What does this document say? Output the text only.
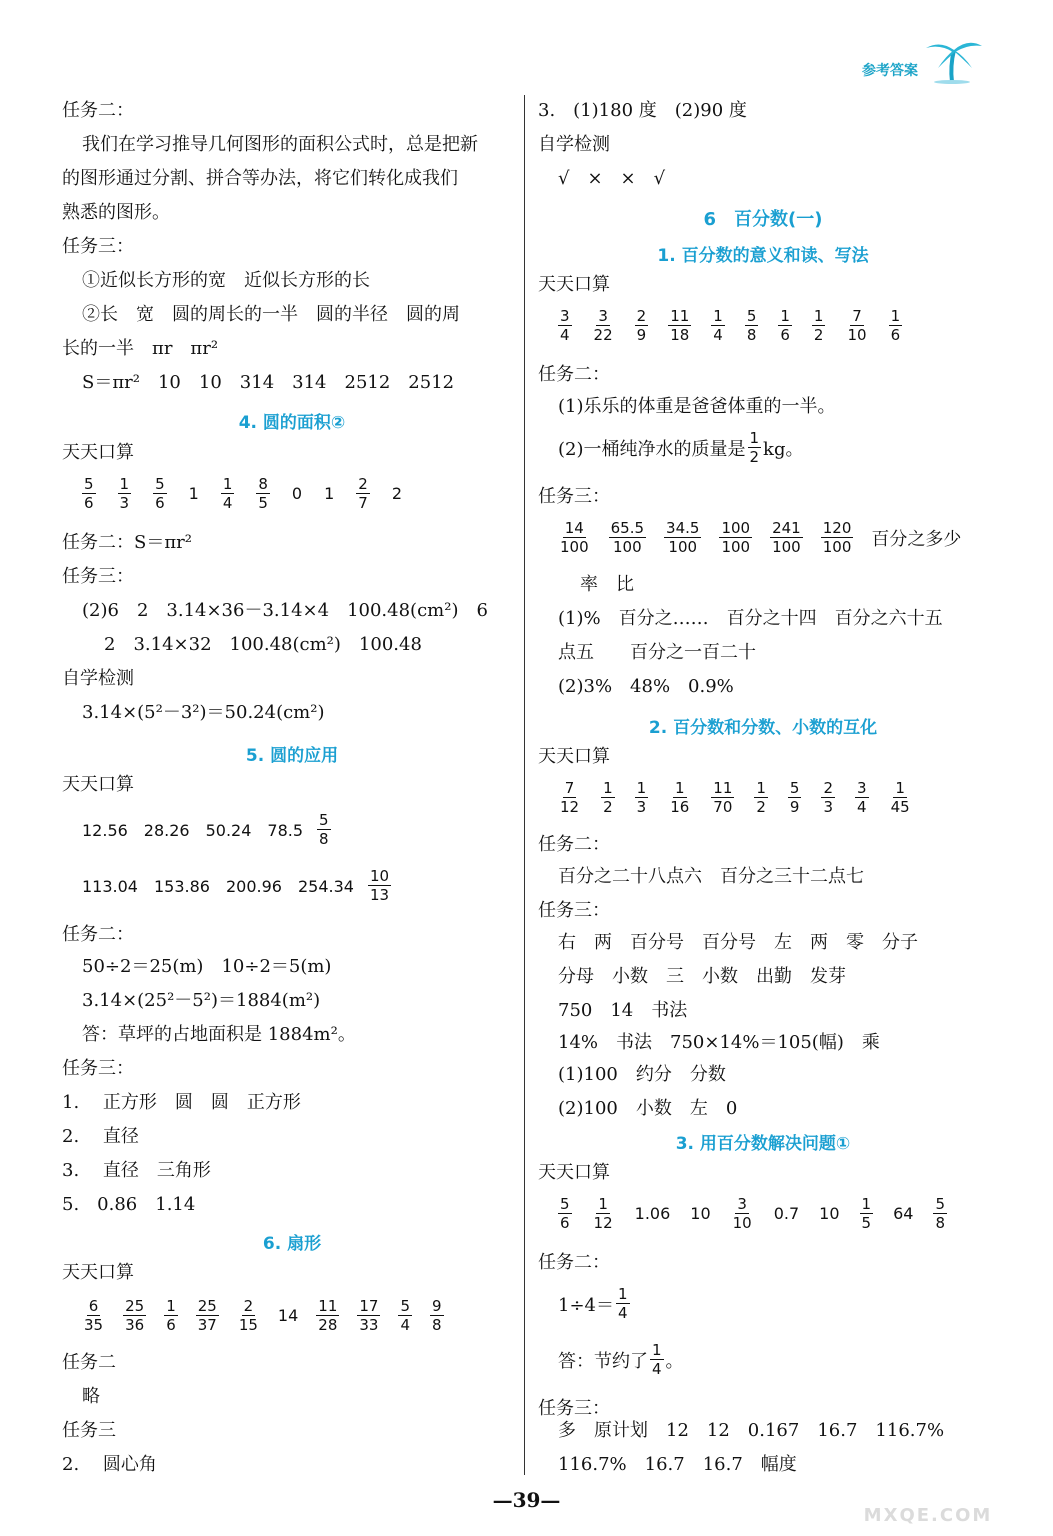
参考答案
任务二：
我们在学习推导几何图形的面积公式时，总是把新
的图形通过分割、拼合等办法，将它们转化成我们
熟悉的图形。
任务三：
①近似长方形的宽　近似长方形的长
②长　宽　圆的周长的一半　圆的半径　圆的周
长的一半　πr　πr²
S＝πr²　10　10　314　314　2512　2512
4. 圆的面积②
天天口算
$\frac{5}{6} \frac{1}{3} \frac{5}{6} 1 \frac{1}{4} \frac{8}{5} 0$ $1 \frac{2}{7} 2$
任务二：S＝πr²
任务三：
(2)6　2　3.14×36－3.14×4　100.48(cm²)　6
2　3.14×32　100.48(cm²)　100.48
自学检测
3.14×(5²－3²)＝50.24(cm²)
5. 圆的应用
天天口算
12.56　28.26　50.24　$78.5 \frac{5}{8}$
113.04　153.86　200.96　$254.34 \frac{10}{13}$
任务二：
50÷2＝25(m)　10÷2＝5(m)
3.14×(25²－5²)＝1884(m²)
答：草坪的占地面积是 1884m²。
任务三：
1.　 正方形　圆　圆　正方形
2.　 直径
3.　 直径　三角形
5.　0.86　1.14
6. 扇形
天天口算
$\frac{6}{35} \frac{25}{36} \frac{1}{6} \frac{25}{37} \frac{2}{15} 14 \frac{11}{28} \frac{17}{33} \frac{5}{4} \frac{9}{8}$
任务二
略
任务三
2.　 圆心角
3.　(1)180 度　(2)90 度
自学检测
√　×　×　√
6　百分数(一)
1. 百分数的意义和读、写法
天天口算
$\frac{3}{4} \frac{3}{22} \frac{2}{9} \frac{11}{18} \frac{1}{4} \frac{5}{8} \frac{1}{6} \frac{1}{2} \frac{7}{10} \frac{1}{6}$
任务二：
(1)乐乐的体重是爸爸体重的一半。
(2)一桶纯净水的质量是 $\frac{1}{2}$ kg。
任务三：
$\frac{14}{100} \frac{65.5}{100} \frac{34.5}{100} \frac{100}{100} \frac{241}{100} \frac{120}{100}$ 百分之多少
率　比
(1)%　百分之……　百分之十四　百分之六十五
点五　　百分之一百二十
(2)3%　48%　0.9%
2. 百分数和分数、小数的互化
天天口算
$\frac{7}{12} \frac{1}{2} \frac{1}{3} \frac{1}{16} \frac{11}{70} \frac{1}{2} \frac{5}{9} \frac{2}{3} \frac{3}{4} \frac{1}{45}$
任务二：
百分之二十八点六　百分之三十二点七
任务三：
右　两　百分号　百分号　左　两　零　分子
分母　小数　三　小数　出勤　发芽
750　14　书法
14%　书法　750×14%＝105(幅)　乘
(1)100　约分　分数
(2)100　小数　左　0
3. 用百分数解决问题①
天天口算
$\frac{5}{6} \frac{1}{12} 1.06$ $10 \frac{3}{10} 0.7$ $10 \frac{1}{5} 64 \frac{5}{8}$
任务二：
$1\div 4= \frac{1}{4}$
答：节约了 $\frac{1}{4}$ 。
任务三：
多　原计划　12　12　0.167　16.7　116.7%
116.7%　16.7　16.7　幅度
—39—
MXQE.COM
